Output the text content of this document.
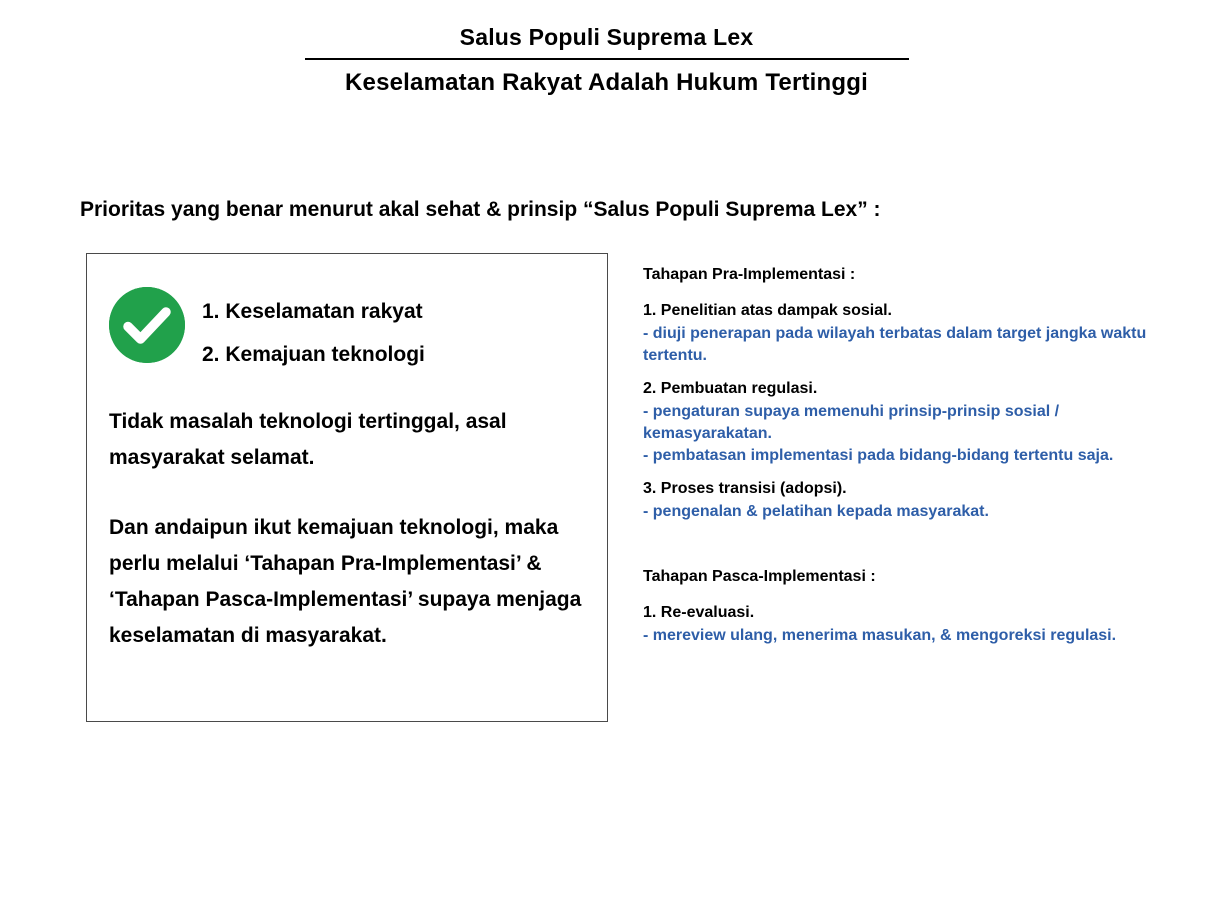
Salus Populi Suprema Lex
Keselamatan Rakyat Adalah Hukum Tertinggi
Prioritas yang benar menurut akal sehat & prinsip “Salus Populi Suprema Lex” :
1. Keselamatan rakyat
2. Kemajuan teknologi
Tidak masalah teknologi tertinggal, asal masyarakat selamat.
Dan andaipun ikut kemajuan teknologi, maka perlu melalui ‘Tahapan Pra-Implementasi’ & ‘Tahapan Pasca-Implementasi’ supaya menjaga keselamatan di masyarakat.
Tahapan Pra-Implementasi :
1. Penelitian atas dampak sosial.
- diuji penerapan pada wilayah terbatas dalam target jangka waktu tertentu.
2. Pembuatan regulasi.
- pengaturan supaya memenuhi prinsip-prinsip sosial / kemasyarakatan.
- pembatasan implementasi pada bidang-bidang tertentu saja.
3. Proses transisi (adopsi).
- pengenalan & pelatihan kepada masyarakat.
Tahapan Pasca-Implementasi :
1. Re-evaluasi.
- mereview ulang, menerima masukan, & mengoreksi regulasi.
